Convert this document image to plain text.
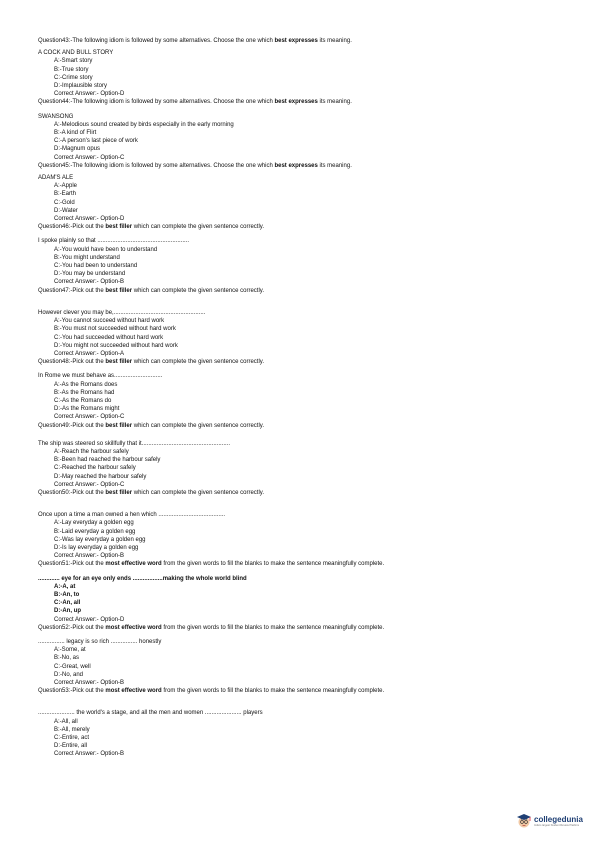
Question43:-The following idiom is followed by some alternatives. Choose the one which best expresses its meaning.
A COCK AND BULL STORY
A:-Smart story
B:-True story
C:-Crime story
D:-Implausible story
Correct Answer:- Option-D
Question44:-The following idiom is followed by some alternatives. Choose the one which best expresses its meaning.
SWANSONG
A:-Melodious sound created by birds especially in the early morning
B:-A kind of Flirt
C:-A person's last piece of work
D:-Magnum opus
Correct Answer:- Option-C
Question45:-The following idiom is followed by some alternatives. Choose the one which best expresses its meaning.
ADAM'S ALE
A:-Apple
B:-Earth
C:-Gold
D:-Water
Correct Answer:- Option-D
Question46:-Pick out the best filler which can complete the given sentence correctly.
I spoke plainly so that .......................................................
A:-You would have been to understand
B:-You might understand
C:-You had been to understand
D:-You may be understand
Correct Answer:- Option-B
Question47:-Pick out the best filler which can complete the given sentence correctly.
However clever you may be,.......................................................
A:-You cannot succeed without hard work
B:-You must not succeeded without hard work
C:-You had succeeded without hard work
D:-You might not succeeded without hard work
Correct Answer:- Option-A
Question48:-Pick out the best filler which can complete the given sentence correctly.
In Rome we must behave as.............................
A:-As the Romans does
B:-As the Romans had
C:-As the Romans do
D:-As the Romans might
Correct Answer:- Option-C
Question49:-Pick out the best filler which can complete the given sentence correctly.
The ship was steered so skillfully that it.....................................................
A:-Reach the harbour safely
B:-Been had reached the harbour safely
C:-Reached the harbour safely
D:-May reached the harbour safely
Correct Answer:- Option-C
Question50:-Pick out the best filler which can complete the given sentence correctly.
Once upon a time a man owned a hen which ........................................
A:-Lay everyday a golden egg
B:-Laid everyday a golden egg
C:-Was lay everyday a golden egg
D:-Is lay everyday a golden egg
Correct Answer:- Option-B
Question51:-Pick out the most effective word from the given words to fill the blanks to make the sentence meaningfully complete.
............. eye for an eye only ends ..................making the whole world blind
A:-A, at
B:-An, to
C:-An, all
D:-An, up
Correct Answer:- Option-D
Question52:-Pick out the most effective word from the given words to fill the blanks to make the sentence meaningfully complete.
................ legacy is so rich ................ honestly
A:-Some, at
B:-No, as
C:-Great, well
D:-No, and
Correct Answer:- Option-B
Question53:-Pick out the most effective word from the given words to fill the blanks to make the sentence meaningfully complete.
...................... the world's a stage, and all the men and women ...................... players
A:-All, all
B:-All, merely
C:-Entire, act
D:-Entire, all
Correct Answer:- Option-B
collegedunia
India's largest Student Review Platform
